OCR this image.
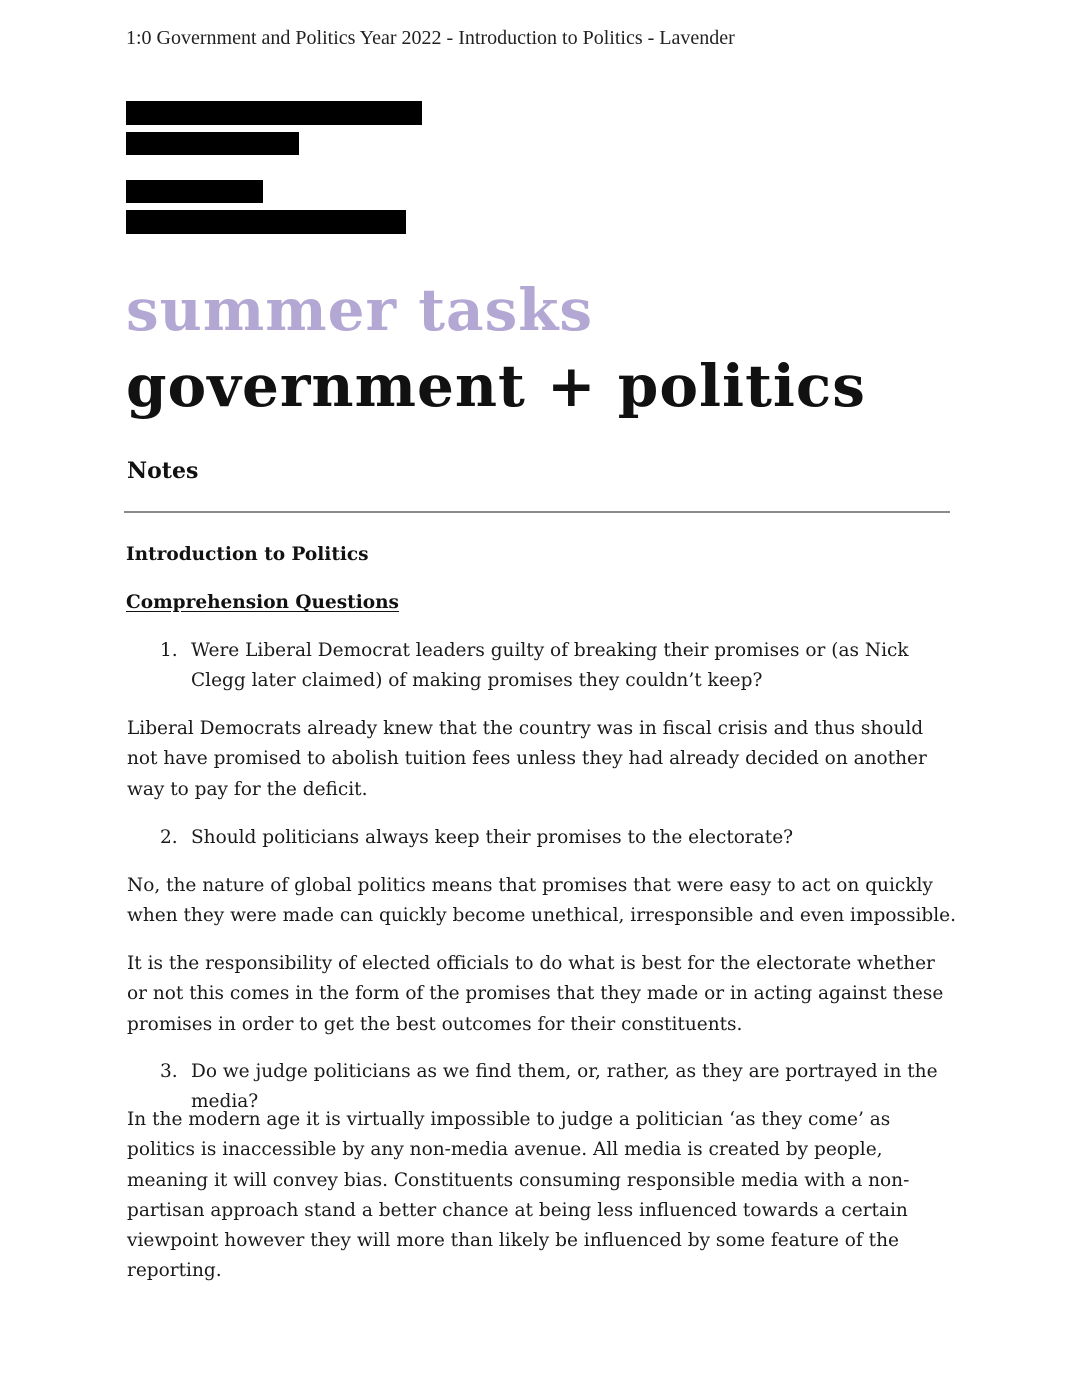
1:0 Government and Politics Year 2022 - Introduction to Politics - Lavender
summer tasks
government + politics
Notes
Introduction to Politics
Comprehension Questions
1. Were Liberal Democrat leaders guilty of breaking their promises or (as Nick Clegg later claimed) of making promises they couldn’t keep?
Liberal Democrats already knew that the country was in fiscal crisis and thus should not have promised to abolish tuition fees unless they had already decided on another way to pay for the deficit.
2. Should politicians always keep their promises to the electorate?
No, the nature of global politics means that promises that were easy to act on quickly when they were made can quickly become unethical, irresponsible and even impossible.
It is the responsibility of elected officials to do what is best for the electorate whether or not this comes in the form of the promises that they made or in acting against these promises in order to get the best outcomes for their constituents.
3. Do we judge politicians as we find them, or, rather, as they are portrayed in the media?
In the modern age it is virtually impossible to judge a politician ‘as they come’ as politics is inaccessible by any non-media avenue. All media is created by people, meaning it will convey bias. Constituents consuming responsible media with a non-partisan approach stand a better chance at being less influenced towards a certain viewpoint however they will more than likely be influenced by some feature of the reporting.
